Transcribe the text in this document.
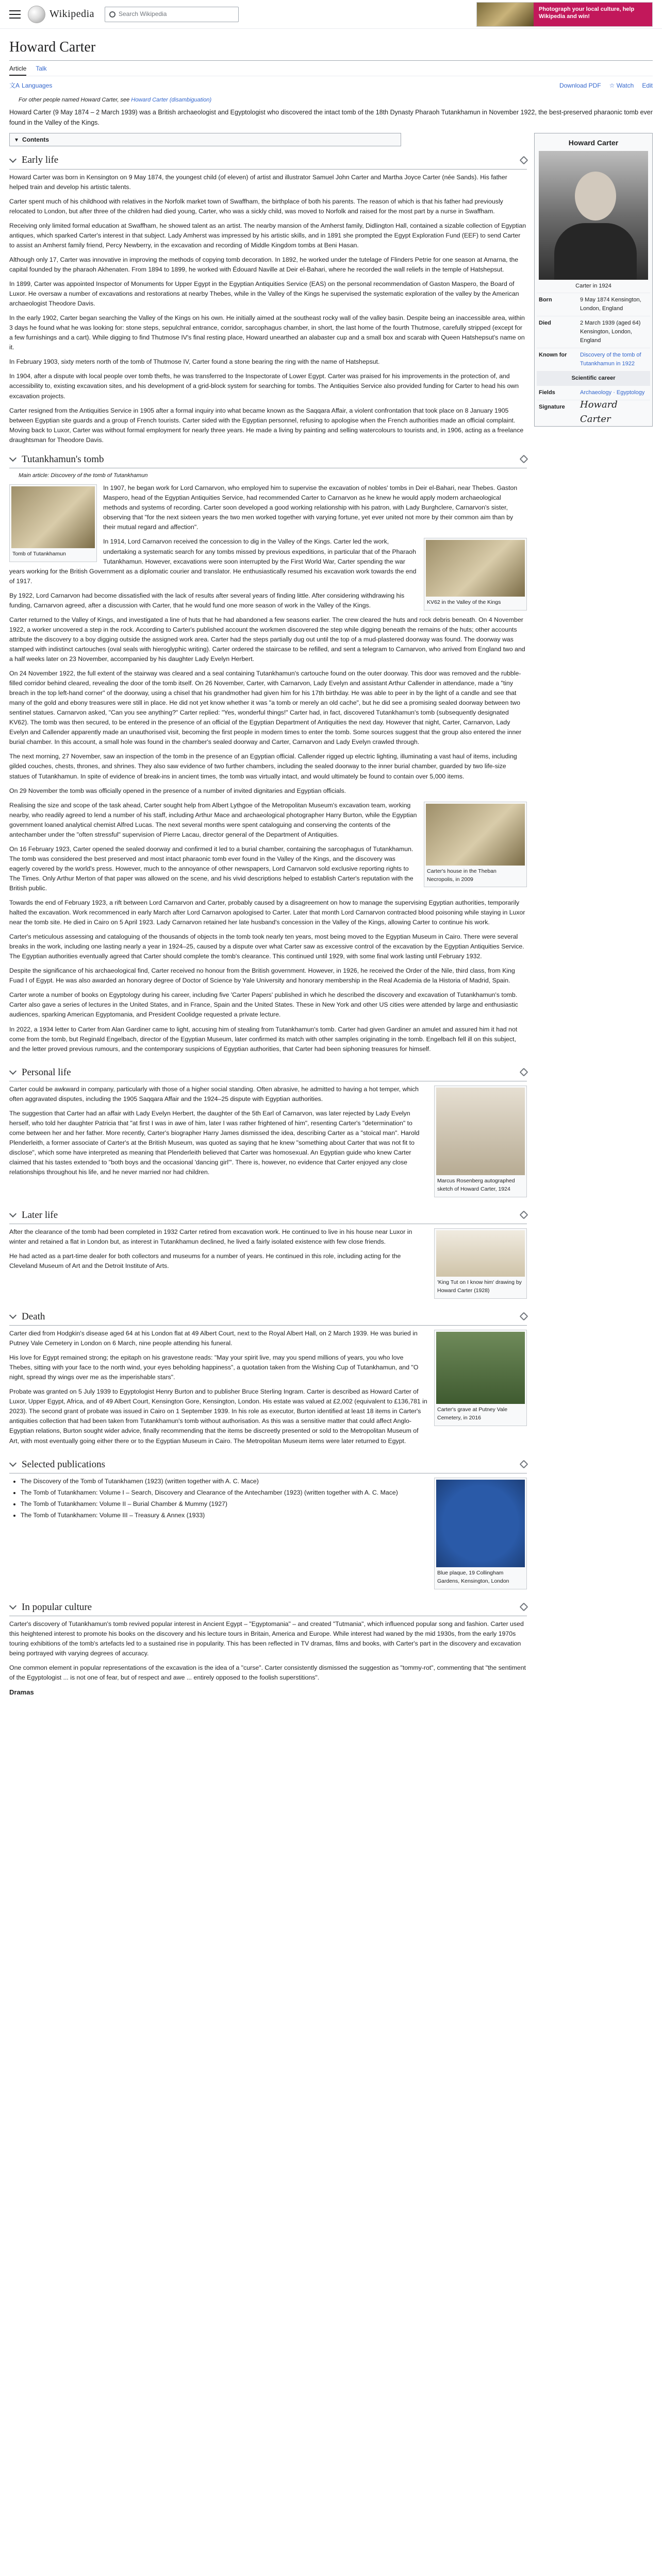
Wikipedia	Search Wikipedia
Photograph your local culture, help Wikipedia and win!
Howard Carter
Article Talk
文A Languages	Download PDF ☆ Watch Edit
For other people named Howard Carter, see Howard Carter (disambiguation)

Howard Carter (9 May 1874 – 2 March 1939) was a British archaeologist and Egyptologist who discovered the intact tomb of the 18th Dynasty Pharaoh Tutankhamun in November 1922, the best-preserved pharaonic tomb ever found in the Valley of the Kings.

▾ Contents
Early life

Howard Carter was born in Kensington on 9 May 1874, the youngest child (of eleven) of artist and illustrator Samuel John Carter and Martha Joyce Carter (née Sands). His father helped train and develop his artistic talents.

Carter spent much of his childhood with relatives in the Norfolk market town of Swaffham, the birthplace of both his parents. The reason of which is that his father had previously relocated to London, but after three of the children had died young, Carter, who was a sickly child, was moved to Norfolk and raised for the most part by a nurse in Swaffham.

Receiving only limited formal education at Swaffham, he showed talent as an artist. The nearby mansion of the Amherst family, Didlington Hall, contained a sizable collection of Egyptian antiques, which sparked Carter's interest in that subject. Lady Amherst was impressed by his artistic skills, and in 1891 she prompted the Egypt Exploration Fund (EEF) to send Carter to assist an Amherst family friend, Percy Newberry, in the excavation and recording of Middle Kingdom tombs at Beni Hasan.

Although only 17, Carter was innovative in improving the methods of copying tomb decoration. In 1892, he worked under the tutelage of Flinders Petrie for one season at Amarna, the capital founded by the pharaoh Akhenaten. From 1894 to 1899, he worked with Édouard Naville at Deir el-Bahari, where he recorded the wall reliefs in the temple of Hatshepsut.

In 1899, Carter was appointed Inspector of Monuments for Upper Egypt in the Egyptian Antiquities Service (EAS) on the personal recommendation of Gaston Maspero, the Board of Luxor. He oversaw a number of excavations and restorations at nearby Thebes, while in the Valley of the Kings he supervised the systematic exploration of the valley by the American archaeologist Theodore Davis.

In the early 1902, Carter began searching the Valley of the Kings on his own. He initially aimed at the southeast rocky wall of the valley basin. Despite being an inaccessible area, within 3 days he found what he was looking for: stone steps, sepulchral entrance, corridor, sarcophagus chamber, in short, the last home of the fourth Thutmose, carefully stripped (except for a few furnishings and a cart). While digging to find Thutmose IV's final resting place, Howard unearthed an alabaster cup and a small box and scarab with Queen Hatshepsut's name on it.

In February 1903, sixty meters north of the tomb of Thutmose IV, Carter found a stone bearing the ring with the name of Hatshepsut.

In 1904, after a dispute with local people over tomb thefts, he was transferred to the Inspectorate of Lower Egypt. Carter was praised for his improvements in the protection of, and accessibility to, existing excavation sites, and his development of a grid-block system for searching for tombs. The Antiquities Service also provided funding for Carter to head his own excavation projects.

Carter resigned from the Antiquities Service in 1905 after a formal inquiry into what became known as the Saqqara Affair, a violent confrontation that took place on 8 January 1905 between Egyptian site guards and a group of French tourists. Carter sided with the Egyptian personnel, refusing to apologise when the French authorities made an official complaint. Moving back to Luxor, Carter was without formal employment for nearly three years. He made a living by painting and selling watercolours to tourists and, in 1906, acting as a freelance draughtsman for Theodore Davis.

Tutankhamun's tomb
Main article: Discovery of the tomb of Tutankhamun
Tomb of Tutankhamun

In 1907, he began work for Lord Carnarvon, who employed him to supervise the excavation of nobles' tombs in Deir el-Bahari, near Thebes. Gaston Maspero, head of the Egyptian Antiquities Service, had recommended Carter to Carnarvon as he knew he would apply modern archaeological methods and systems of recording. Carter soon developed a good working relationship with his patron, with Lady Burghclere, Carnarvon's sister, observing that "for the next sixteen years the two men worked together with varying fortune, yet ever united not more by their common aim than by their mutual regard and affection".

KV62 in the Valley of the Kings

In 1914, Lord Carnarvon received the concession to dig in the Valley of the Kings. Carter led the work, undertaking a systematic search for any tombs missed by previous expeditions, in particular that of the Pharaoh Tutankhamun. However, excavations were soon interrupted by the First World War, Carter spending the war years working for the British Government as a diplomatic courier and translator. He enthusiastically resumed his excavation work towards the end of 1917.

By 1922, Lord Carnarvon had become dissatisfied with the lack of results after several years of finding little. After considering withdrawing his funding, Carnarvon agreed, after a discussion with Carter, that he would fund one more season of work in the Valley of the Kings.

Carter returned to the Valley of Kings, and investigated a line of huts that he had abandoned a few seasons earlier. The crew cleared the huts and rock debris beneath. On 4 November 1922, a worker uncovered a step in the rock. According to Carter's published account the workmen discovered the step while digging beneath the remains of the huts; other accounts attribute the discovery to a boy digging outside the assigned work area. Carter had the steps partially dug out until the top of a mud-plastered doorway was found. The doorway was stamped with indistinct cartouches (oval seals with hieroglyphic writing). Carter ordered the staircase to be refilled, and sent a telegram to Carnarvon, who arrived from England two and a half weeks later on 23 November, accompanied by his daughter Lady Evelyn Herbert.

On 24 November 1922, the full extent of the stairway was cleared and a seal containing Tutankhamun's cartouche found on the outer doorway. This door was removed and the rubble-filled corridor behind cleared, revealing the door of the tomb itself. On 26 November, Carter, with Carnarvon, Lady Evelyn and assistant Arthur Callender in attendance, made a "tiny breach in the top left-hand corner" of the doorway, using a chisel that his grandmother had given him for his 17th birthday. He was able to peer in by the light of a candle and see that many of the gold and ebony treasures were still in place. He did not yet know whether it was "a tomb or merely an old cache", but he did see a promising sealed doorway between two sentinel statues. Carnarvon asked, "Can you see anything?" Carter replied: "Yes, wonderful things!" Carter had, in fact, discovered Tutankhamun's tomb (subsequently designated KV62). The tomb was then secured, to be entered in the presence of an official of the Egyptian Department of Antiquities the next day. However that night, Carter, Carnarvon, Lady Evelyn and Callender apparently made an unauthorised visit, becoming the first people in modern times to enter the tomb. Some sources suggest that the group also entered the inner burial chamber. In this account, a small hole was found in the chamber's sealed doorway and Carter, Carnarvon and Lady Evelyn crawled through.

The next morning, 27 November, saw an inspection of the tomb in the presence of an Egyptian official. Callender rigged up electric lighting, illuminating a vast haul of items, including gilded couches, chests, thrones, and shrines. They also saw evidence of two further chambers, including the sealed doorway to the inner burial chamber, guarded by two life-size statues of Tutankhamun. In spite of evidence of break-ins in ancient times, the tomb was virtually intact, and would ultimately be found to contain over 5,000 items.

On 29 November the tomb was officially opened in the presence of a number of invited dignitaries and Egyptian officials.

Carter's house in the Theban Necropolis, in 2009

Realising the size and scope of the task ahead, Carter sought help from Albert Lythgoe of the Metropolitan Museum's excavation team, working nearby, who readily agreed to lend a number of his staff, including Arthur Mace and archaeological photographer Harry Burton, while the Egyptian government loaned analytical chemist Alfred Lucas. The next several months were spent cataloguing and conserving the contents of the antechamber under the "often stressful" supervision of Pierre Lacau, director general of the Department of Antiquities.

On 16 February 1923, Carter opened the sealed doorway and confirmed it led to a burial chamber, containing the sarcophagus of Tutankhamun. The tomb was considered the best preserved and most intact pharaonic tomb ever found in the Valley of the Kings, and the discovery was eagerly covered by the world's press. However, much to the annoyance of other newspapers, Lord Carnarvon sold exclusive reporting rights to The Times. Only Arthur Merton of that paper was allowed on the scene, and his vivid descriptions helped to establish Carter's reputation with the British public.

Towards the end of February 1923, a rift between Lord Carnarvon and Carter, probably caused by a disagreement on how to manage the supervising Egyptian authorities, temporarily halted the excavation. Work recommenced in early March after Lord Carnarvon apologised to Carter. Later that month Lord Carnarvon contracted blood poisoning while staying in Luxor near the tomb site. He died in Cairo on 5 April 1923. Lady Carnarvon retained her late husband's concession in the Valley of the Kings, allowing Carter to continue his work.

Carter's meticulous assessing and cataloguing of the thousands of objects in the tomb took nearly ten years, most being moved to the Egyptian Museum in Cairo. There were several breaks in the work, including one lasting nearly a year in 1924–25, caused by a dispute over what Carter saw as excessive control of the excavation by the Egyptian Antiquities Service. The Egyptian authorities eventually agreed that Carter should complete the tomb's clearance. This continued until 1929, with some final work lasting until February 1932.

Despite the significance of his archaeological find, Carter received no honour from the British government. However, in 1926, he received the Order of the Nile, third class, from King Fuad I of Egypt. He was also awarded an honorary degree of Doctor of Science by Yale University and honorary membership in the Real Academia de la Historia of Madrid, Spain.

Carter wrote a number of books on Egyptology during his career, including five 'Carter Papers' published in which he described the discovery and excavation of Tutankhamun's tomb. Carter also gave a series of lectures in the United States, and in France, Spain and the United States. These in New York and other US cities were attended by large and enthusiastic audiences, sparking American Egyptomania, and President Coolidge requested a private lecture.

In 2022, a 1934 letter to Carter from Alan Gardiner came to light, accusing him of stealing from Tutankhamun's tomb. Carter had given Gardiner an amulet and assured him it had not come from the tomb, but Reginald Engelbach, director of the Egyptian Museum, later confirmed its match with other samples originating in the tomb. Engelbach fell ill on this subject, and the letter proved previous rumours, and the contemporary suspicions of Egyptian authorities, that Carter had been siphoning treasures for himself.

Personal life
Marcus Rosenberg autographed sketch of Howard Carter, 1924

Carter could be awkward in company, particularly with those of a higher social standing. Often abrasive, he admitted to having a hot temper, which often aggravated disputes, including the 1905 Saqqara Affair and the 1924–25 dispute with Egyptian authorities.

The suggestion that Carter had an affair with Lady Evelyn Herbert, the daughter of the 5th Earl of Carnarvon, was later rejected by Lady Evelyn herself, who told her daughter Patricia that "at first I was in awe of him, later I was rather frightened of him", resenting Carter's "determination" to come between her and her father. More recently, Carter's biographer Harry James dismissed the idea, describing Carter as a "stoical man". Harold Plenderleith, a former associate of Carter's at the British Museum, was quoted as saying that he knew "something about Carter that was not fit to disclose", which some have interpreted as meaning that Plenderleith believed that Carter was homosexual. An Egyptian guide who knew Carter claimed that his tastes extended to "both boys and the occasional 'dancing girl'". There is, however, no evidence that Carter enjoyed any close relationships throughout his life, and he never married nor had children.

Later life
'King Tut on I know him' drawing by Howard Carter (1928)

After the clearance of the tomb had been completed in 1932 Carter retired from excavation work. He continued to live in his house near Luxor in winter and retained a flat in London but, as interest in Tutankhamun declined, he lived a fairly isolated existence with few close friends.

He had acted as a part-time dealer for both collectors and museums for a number of years. He continued in this role, including acting for the Cleveland Museum of Art and the Detroit Institute of Arts.

Death
Carter's grave at Putney Vale Cemetery, in 2016

Carter died from Hodgkin's disease aged 64 at his London flat at 49 Albert Court, next to the Royal Albert Hall, on 2 March 1939. He was buried in Putney Vale Cemetery in London on 6 March, nine people attending his funeral.

His love for Egypt remained strong; the epitaph on his gravestone reads: "May your spirit live, may you spend millions of years, you who love Thebes, sitting with your face to the north wind, your eyes beholding happiness", a quotation taken from the Wishing Cup of Tutankhamun, and "O night, spread thy wings over me as the imperishable stars".

Probate was granted on 5 July 1939 to Egyptologist Henry Burton and to publisher Bruce Sterling Ingram. Carter is described as Howard Carter of Luxor, Upper Egypt, Africa, and of 49 Albert Court, Kensington Gore, Kensington, London. His estate was valued at £2,002 (equivalent to £136,781 in 2023). The second grant of probate was issued in Cairo on 1 September 1939. In his role as executor, Burton identified at least 18 items in Carter's antiquities collection that had been taken from Tutankhamun's tomb without authorisation. As this was a sensitive matter that could affect Anglo-Egyptian relations, Burton sought wider advice, finally recommending that the items be discreetly presented or sold to the Metropolitan Museum of Art, with most eventually going either there or to the Egyptian Museum in Cairo. The Metropolitan Museum items were later returned to Egypt.

Selected publications
Blue plaque, 19 Collingham Gardens, Kensington, London
• The Discovery of the Tomb of Tutankhamen (1923) (written together with A. C. Mace)
• The Tomb of Tutankhamen: Volume I – Search, Discovery and Clearance of the Antechamber (1923) (written together with A. C. Mace)
• The Tomb of Tutankhamen: Volume II – Burial Chamber & Mummy (1927)
• The Tomb of Tutankhamen: Volume III – Treasury & Annex (1933)
In popular culture

Carter's discovery of Tutankhamun's tomb revived popular interest in Ancient Egypt – "Egyptomania" – and created "Tutmania", which influenced popular song and fashion. Carter used this heightened interest to promote his books on the discovery and his lecture tours in Britain, America and Europe. While interest had waned by the mid 1930s, from the early 1970s touring exhibitions of the tomb's artefacts led to a sustained rise in popularity. This has been reflected in TV dramas, films and books, with Carter's part in the discovery and excavation being portrayed with varying degrees of accuracy.

One common element in popular representations of the excavation is the idea of a "curse". Carter consistently dismissed the suggestion as "tommy-rot", commenting that "the sentiment of the Egyptologist ... is not one of fear, but of respect and awe ... entirely opposed to the foolish superstitions".

Dramas
Howard Carter
Carter in 1924
Born	9 May 1874 Kensington, London, England
Died	2 March 1939 (aged 64) Kensington, London, England
Known for	Discovery of the tomb of Tutankhamun in 1922
Scientific career
Fields	Archaeology · Egyptology
Signature	Howard Carter
